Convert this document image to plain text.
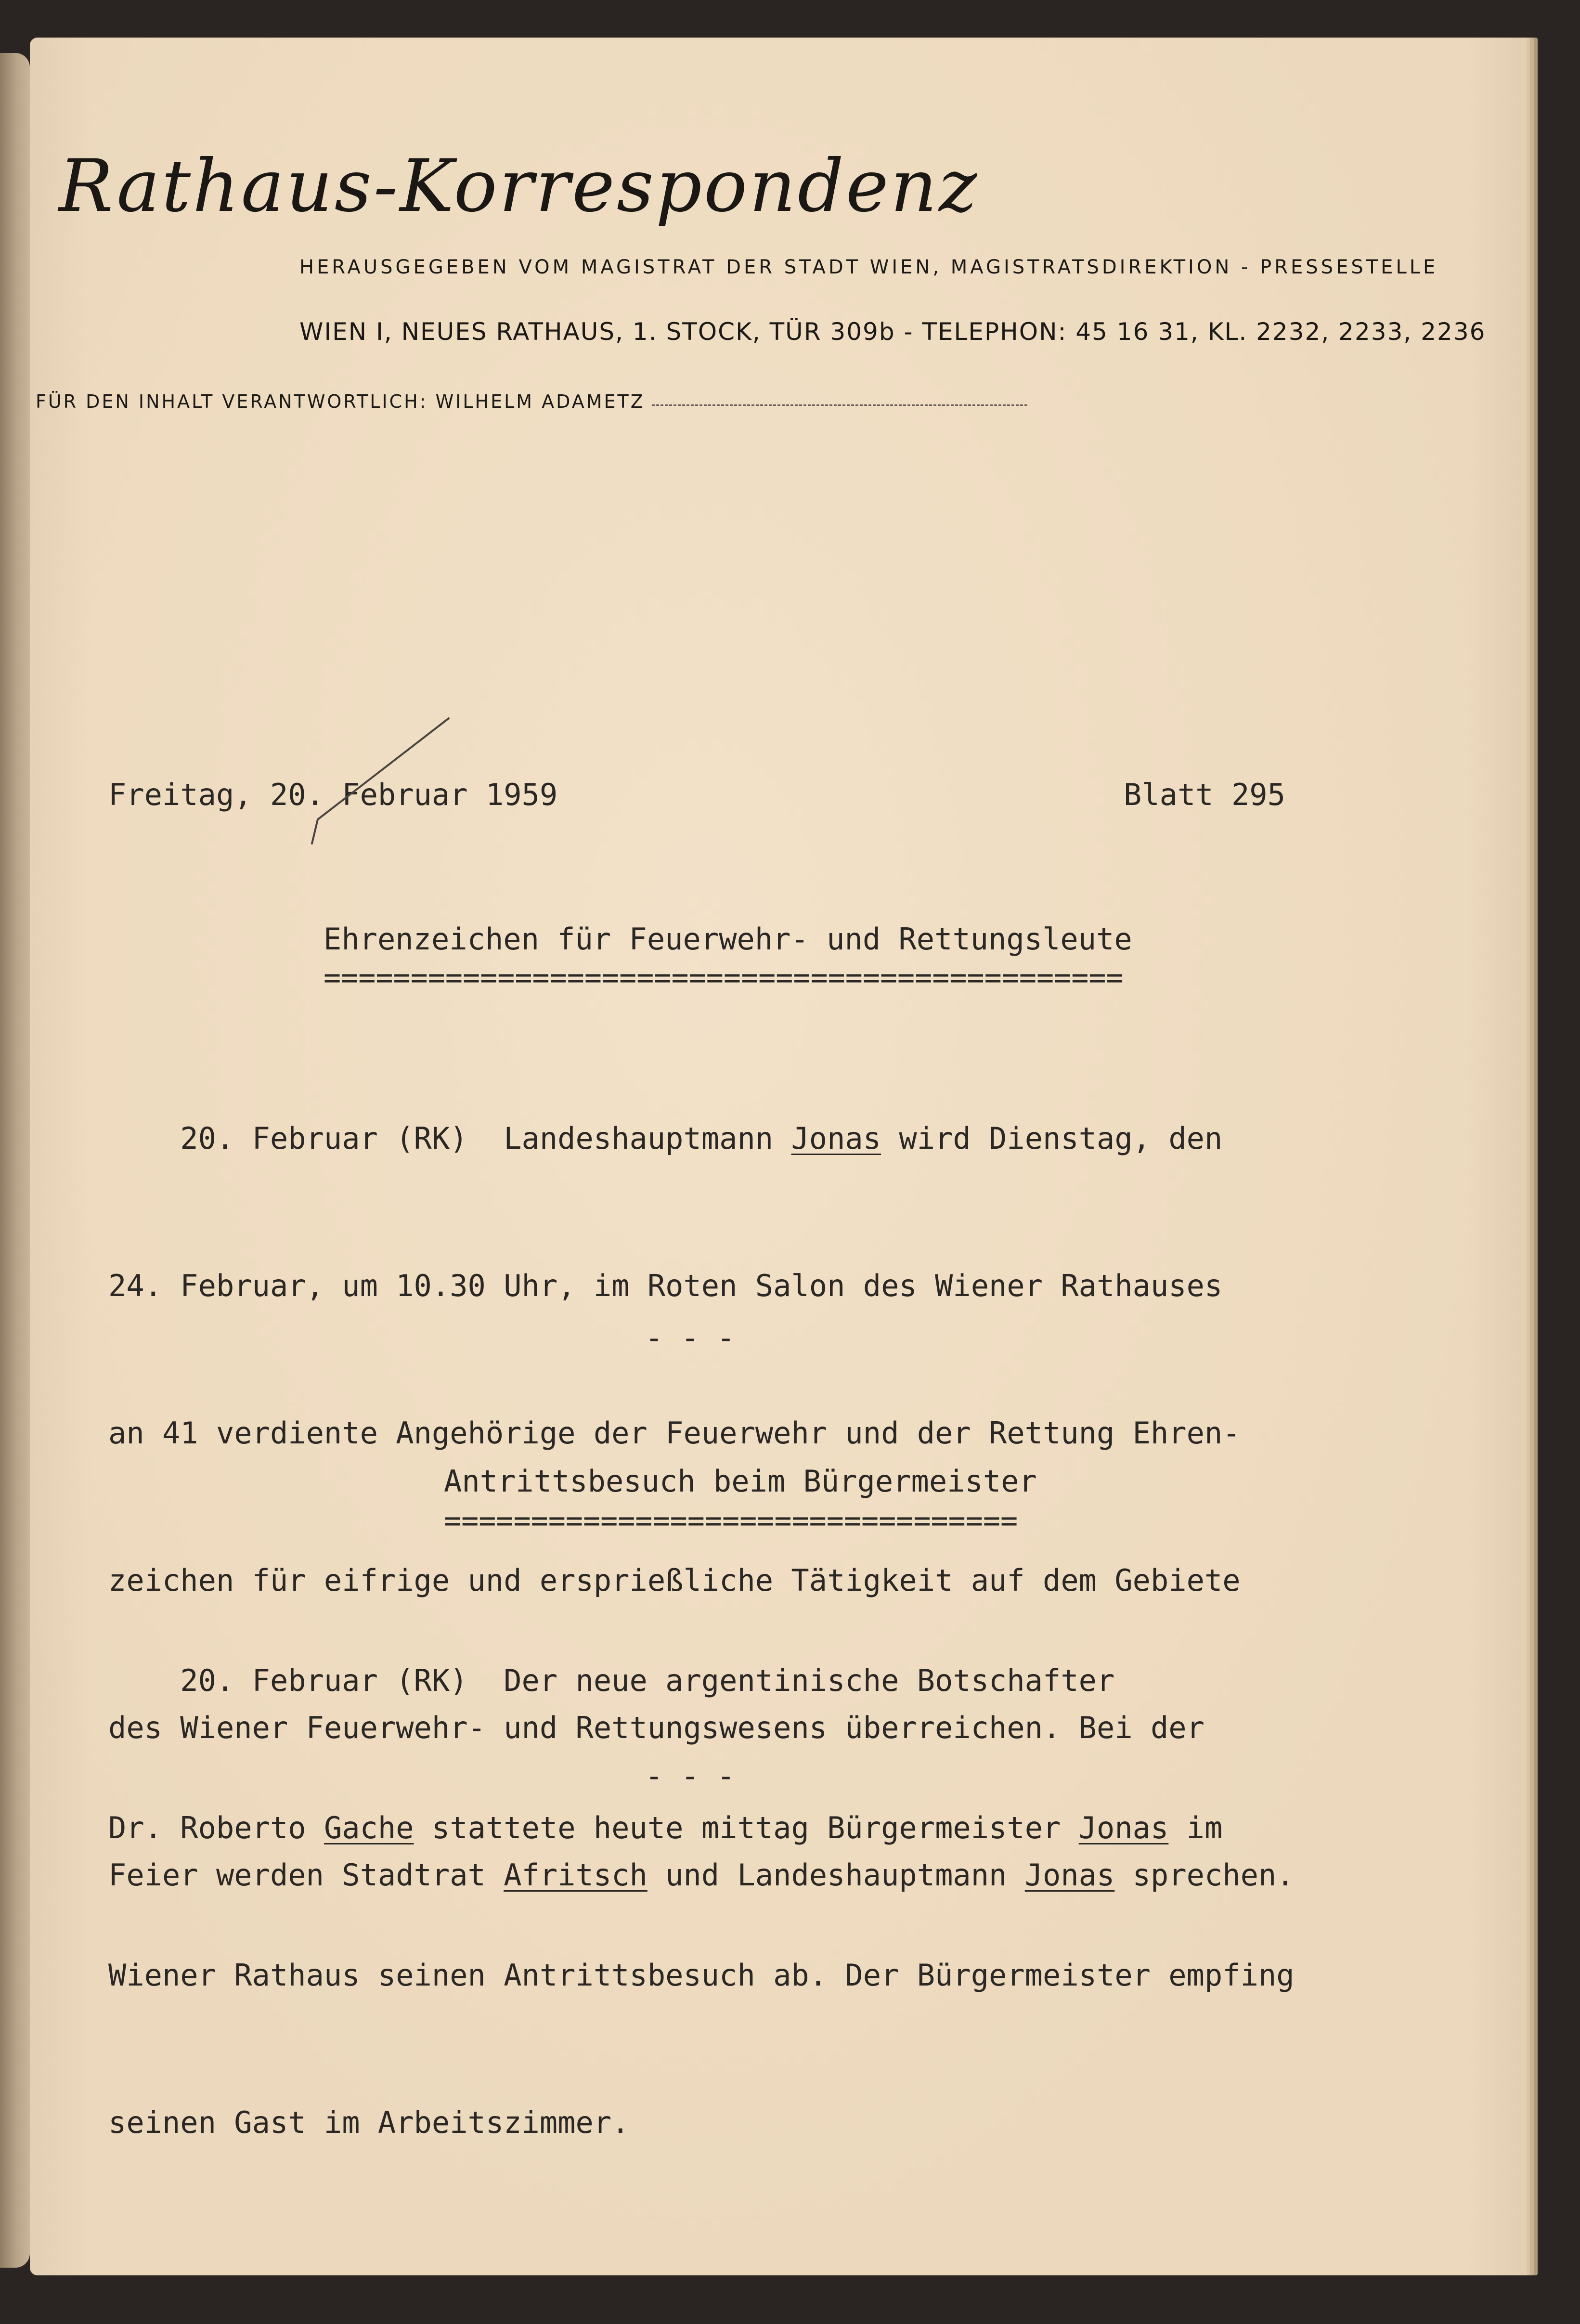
Rathaus-Korrespondenz
HERAUSGEGEBEN VOM MAGISTRAT DER STADT WIEN, MAGISTRATSDIREKTION - PRESSESTELLE
WIEN I, NEUES RATHAUS, 1. STOCK, TÜR 309b - TELEPHON: 45 16 31, KL. 2232, 2233, 2236
FÜR DEN INHALT VERANTWORTLICH: WILHELM ADAMETZ
Freitag, 20. Februar 1959	Blatt 295
Ehrenzeichen für Feuerwehr- und Rettungsleute
==============================================

20. Februar (RK)  Landeshauptmann Jonas wird Dienstag, den

24. Februar, um 10.30 Uhr, im Roten Salon des Wiener Rathauses

an 41 verdiente Angehörige der Feuerwehr und der Rettung Ehren-

zeichen für eifrige und ersprießliche Tätigkeit auf dem Gebiete

des Wiener Feuerwehr- und Rettungswesens überreichen. Bei der

Feier werden Stadtrat Afritsch und Landeshauptmann Jonas sprechen.

- - -
Antrittsbesuch beim Bürgermeister
=================================

20. Februar (RK)  Der neue argentinische Botschafter

Dr. Roberto Gache stattete heute mittag Bürgermeister Jonas im

Wiener Rathaus seinen Antrittsbesuch ab. Der Bürgermeister empfing

seinen Gast im Arbeitszimmer.

- - -
